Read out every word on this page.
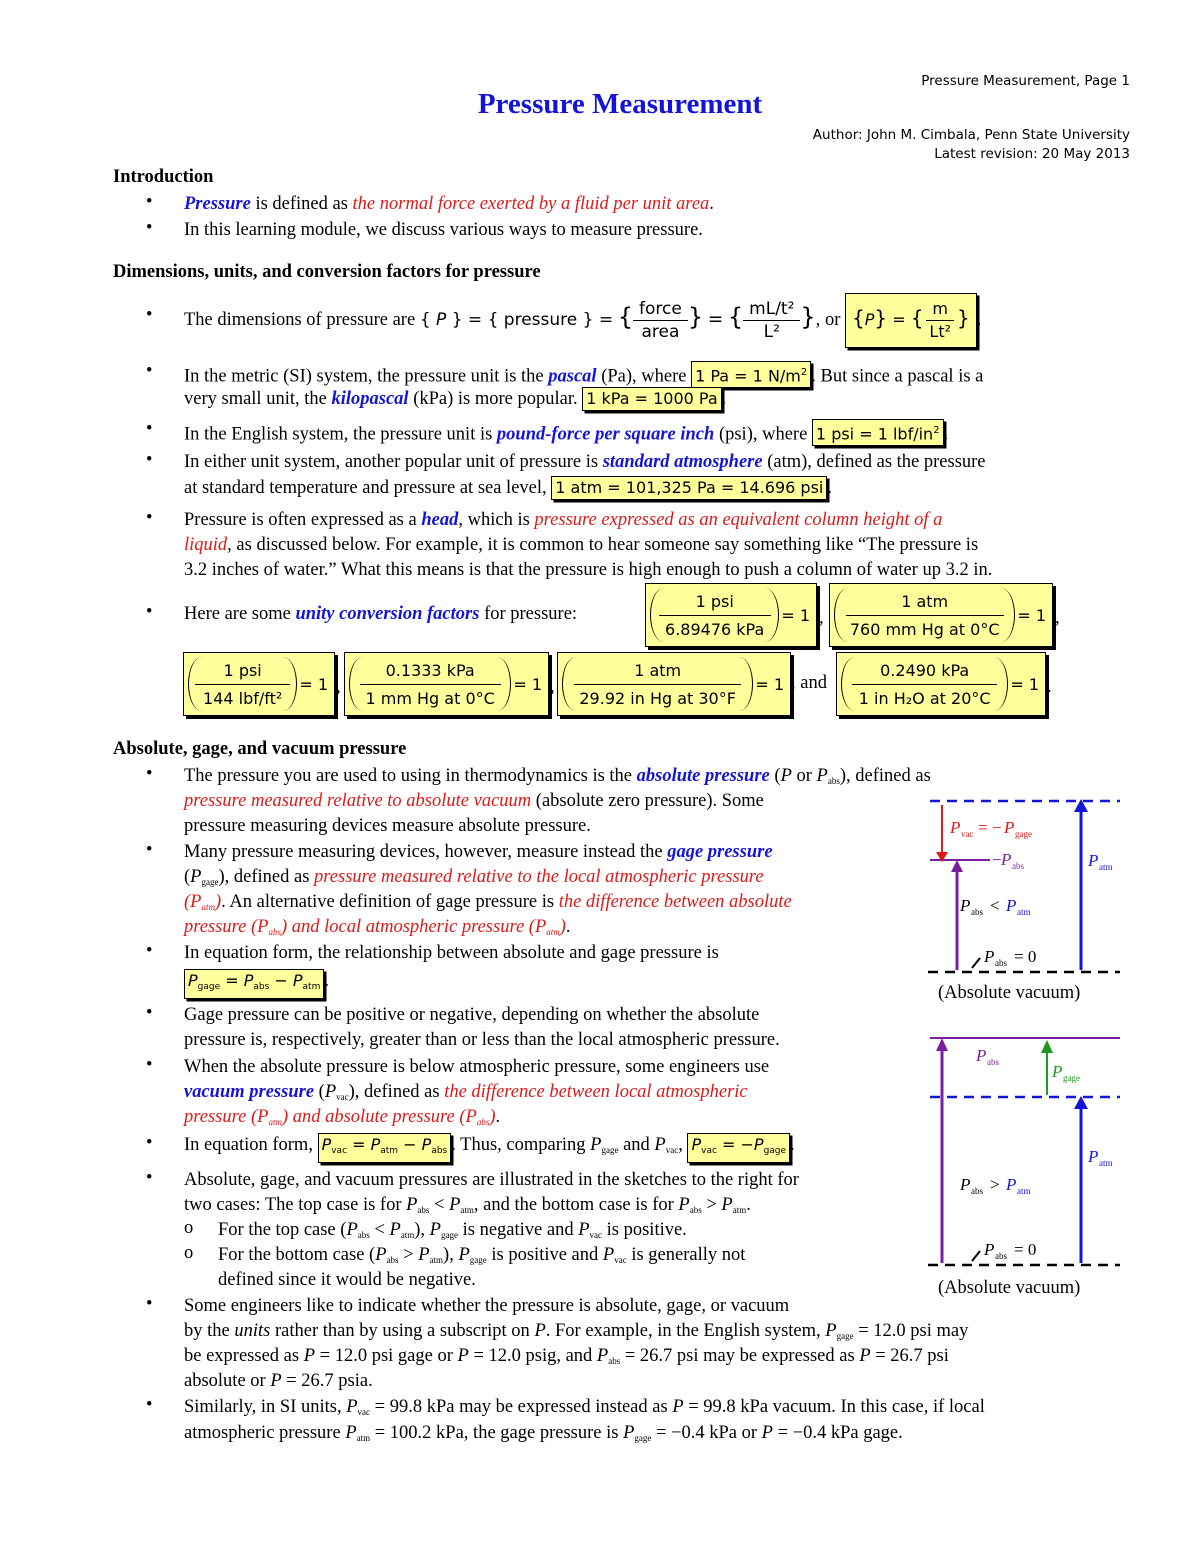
Pressure Measurement, Page 1
Pressure Measurement
Author: John M. Cimbala, Penn State University
Latest revision: 20 May 2013
Introduction
• Pressure is defined as the normal force exerted by a fluid per unit area.
• In this learning module, we discuss various ways to measure pressure.
Dimensions, units, and conversion factors for pressure
• The dimensions of pressure are { P } = { pressure } = { $\frac{\text{force}}{\text{area}}$ } = { $\frac{\text{mL/t²}}{\text{L²}}$ }, or {P} = { $\frac{m}{\text{Lt²}}$ } .
• In the metric (SI) system, the pressure unit is the pascal (Pa), where 1 Pa = 1 $N/m^2$ . But since a pascal is a
very small unit, the kilopascal (kPa) is more popular. 1 kPa = 1000 Pa .
• In the English system, the pressure unit is pound-force per square inch (psi), where 1 psi = 1 lbf/$in^2$ .
• In either unit system, another popular unit of pressure is standard atmosphere (atm), defined as the pressure
at standard temperature and pressure at sea level, 1 atm = 101,325 Pa = 14.696 psi .
• Pressure is often expressed as a head, which is pressure expressed as an equivalent column height of a
liquid, as discussed below. For example, it is common to hear someone say something like “The pressure is
3.2 inches of water.” What this means is that the pressure is high enough to push a column of water up 3.2 in.
• Here are some unity conversion factors for pressure:
1 psi
6.89476 kPa
= 1 ,
1 atm
760 mm Hg at 0°C
= 1 ,
1 psi
144 lbf/ft²
= 1 ,
0.1333 kPa
1 mm Hg at 0°C
= 1 ,
1 atm
29.92 in Hg at 30°F
= 1 , and
0.2490 kPa
1 in H₂O at 20°C
= 1 .
Absolute, gage, and vacuum pressure
• The pressure you are used to using in thermodynamics is the absolute pressure (P or $P_{abs}$), defined as
pressure measured relative to absolute vacuum (absolute zero pressure). Some
pressure measuring devices measure absolute pressure.
• Many pressure measuring devices, however, measure instead the gage pressure
$(P_{gage})$, defined as pressure measured relative to the local atmospheric pressure
$(P_{atm})$. An alternative definition of gage pressure is the difference between absolute
pressure $(P_{abs})$ and local atmospheric pressure $(P_{atm})$.
• In equation form, the relationship between absolute and gage pressure is
$P_{gage} = P_{abs} - P_{atm}$ .
• Gage pressure can be positive or negative, depending on whether the absolute
pressure is, respectively, greater than or less than the local atmospheric pressure.
• When the absolute pressure is below atmospheric pressure, some engineers use
vacuum pressure $(P_{vac})$, defined as the difference between local atmospheric
pressure $(P_{atm})$ and absolute pressure $(P_{abs})$.
• In equation form, $P_{vac} = P_{atm} - P_{abs}$ . Thus, comparing $P_{gage}$ and $P_{vac}$, $P_{vac} = -P_{gage}$ .
• Absolute, gage, and vacuum pressures are illustrated in the sketches to the right for
two cases: The top case is for $P_{abs} < P_{atm}$, and the bottom case is for $P_{abs} > P_{atm}$.
o For the top case $(P_{abs} < P_{atm})$, $P_{gage}$ is negative and $P_{vac}$ is positive.
o For the bottom case $(P_{abs} > P_{atm})$, $P_{gage}$ is positive and $P_{vac}$ is generally not
defined since it would be negative.
• Some engineers like to indicate whether the pressure is absolute, gage, or vacuum
by the units rather than by using a subscript on P. For example, in the English system, $P_{gage} = 12.0$ psi may
be expressed as P = 12.0 psi gage or P = 12.0 psig, and $P_{abs} = 26.7$ psi may be expressed as P = 26.7 psi
absolute or P = 26.7 psia.
• Similarly, in SI units, $P_{vac} = 99.8$ kPa may be expressed instead as P = 99.8 kPa vacuum. In this case, if local
atmospheric pressure $P_{atm} = 100.2$ kPa, the gage pressure is $P_{gage} = -0.4$ kPa or P = −0.4 kPa gage.
P vac = − P gage
− P abs	P atm
P abs < P atm
P abs = 0
(Absolute vacuum)
P abs	P gage
P atm
P abs > P atm
P abs = 0
(Absolute vacuum)
